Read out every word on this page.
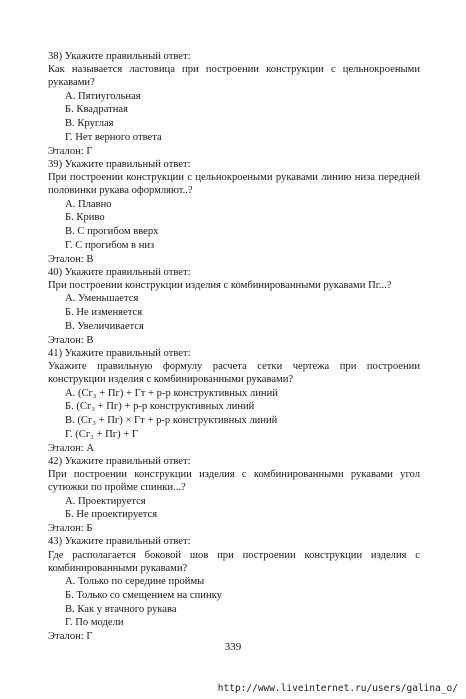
38) Укажите правильный ответ:

Как называется ластовица при построении конструкции с цельнокроеными рукавами?

А. Пятиугольная

Б. Квадратная

В. Круглая

Г. Нет верного ответа

Эталон: Г

39) Укажите правильный ответ:

При построении конструкции с цельнокроеными рукавами линию низа передней половинки рукава оформляют..?

А. Плавно

Б. Криво

В. С прогибом вверх

Г. С прогибом в низ

Эталон: В

40) Укажите правильный ответ:

При построении конструкции изделия с комбинированными рукавами Пг...?

А. Уменьшается

Б. Не изменяется

В. Увеличивается

Эталон: В

41) Укажите правильный ответ:

Укажите правильную формулу расчета сетки чертежа при построении конструкции изделия с комбинированными рукавами?

А. (Сг₃ + Пг) + Гт + р-р конструктивных линий

Б. (Сг₃ + Пг) + р-р конструктивных линий

В. (Сг₃ + Пг) × Гт + р-р конструктивных линий

Г. (Сг₃ + Пг) + Г

Эталон: А

42) Укажите правильный ответ:

При построении конструкции изделия с комбинированными рукавами угол сутюжки по пройме спинки...?

А. Проектируется

Б. Не проектируется

Эталон: Б

43) Укажите правильный ответ:

Где располагается боковой шов при построении конструкции изделия с комбинированными рукавами?

А. Только по середине проймы

Б. Только со смещением на спинку

В. Как у втачного рукава

Г. По модели

Эталон: Г

339
http://www.liveinternet.ru/users/galina_o/
